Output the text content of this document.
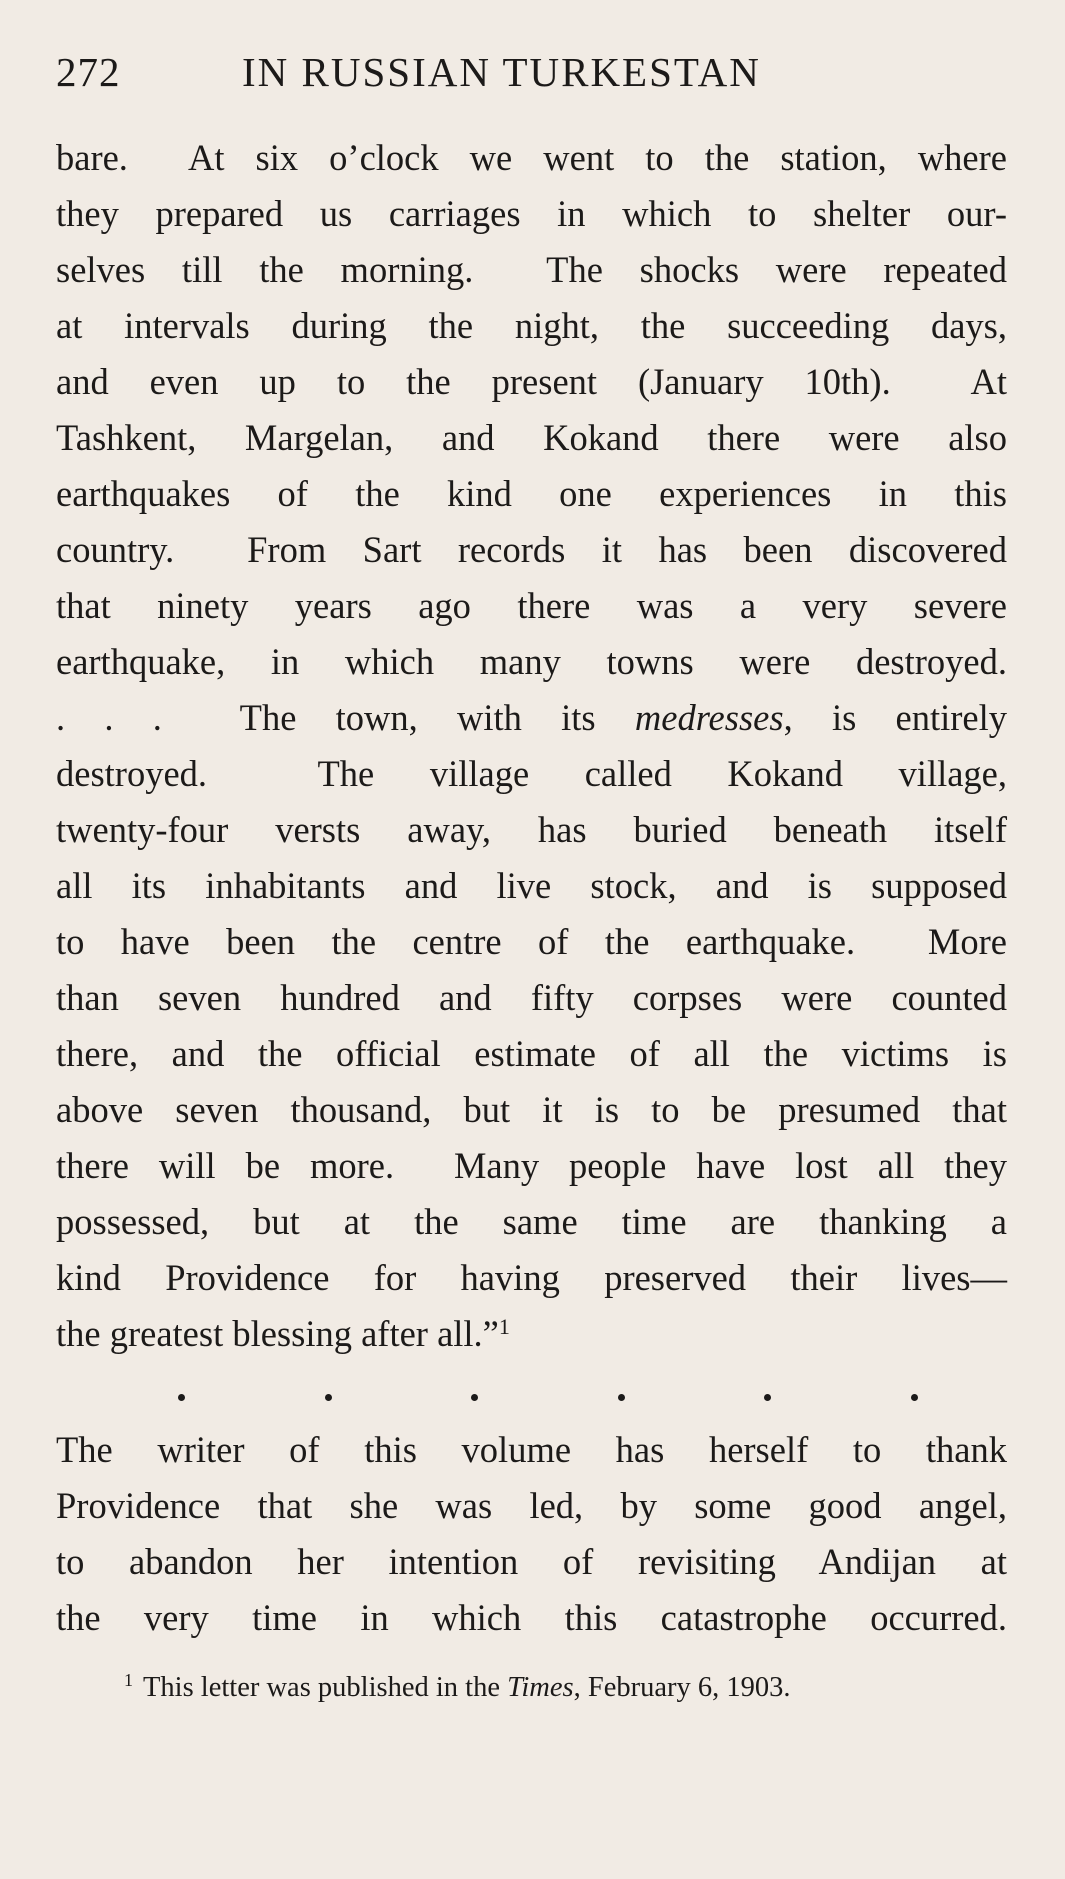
272	IN RUSSIAN TURKESTAN
bare.  At six o’clock we went to the station, where
they prepared us carriages in which to shelter our-
selves till the morning.  The shocks were repeated
at intervals during the night, the succeeding days,
and even up to the present (January 10th).  At
Tashkent, Margelan, and Kokand there were also
earthquakes of the kind one experiences in this
country.  From Sart records it has been discovered
that ninety years ago there was a very severe
earthquake, in which many towns were destroyed.
. . .  The town, with its medresses, is entirely
destroyed.  The village called Kokand village,
twenty-four versts away, has buried beneath itself
all its inhabitants and live stock, and is supposed
to have been the centre of the earthquake.  More
than seven hundred and fifty corpses were counted
there, and the official estimate of all the victims is
above seven thousand, but it is to be presumed that
there will be more.  Many people have lost all they
possessed, but at the same time are thanking a
kind Providence for having preserved their lives—
the greatest blessing after all.”$^1$
The writer of this volume has herself to thank
Providence that she was led, by some good angel,
to abandon her intention of revisiting Andijan at
the very time in which this catastrophe occurred.
$^1$ This letter was published in the Times, February 6, 1903.
